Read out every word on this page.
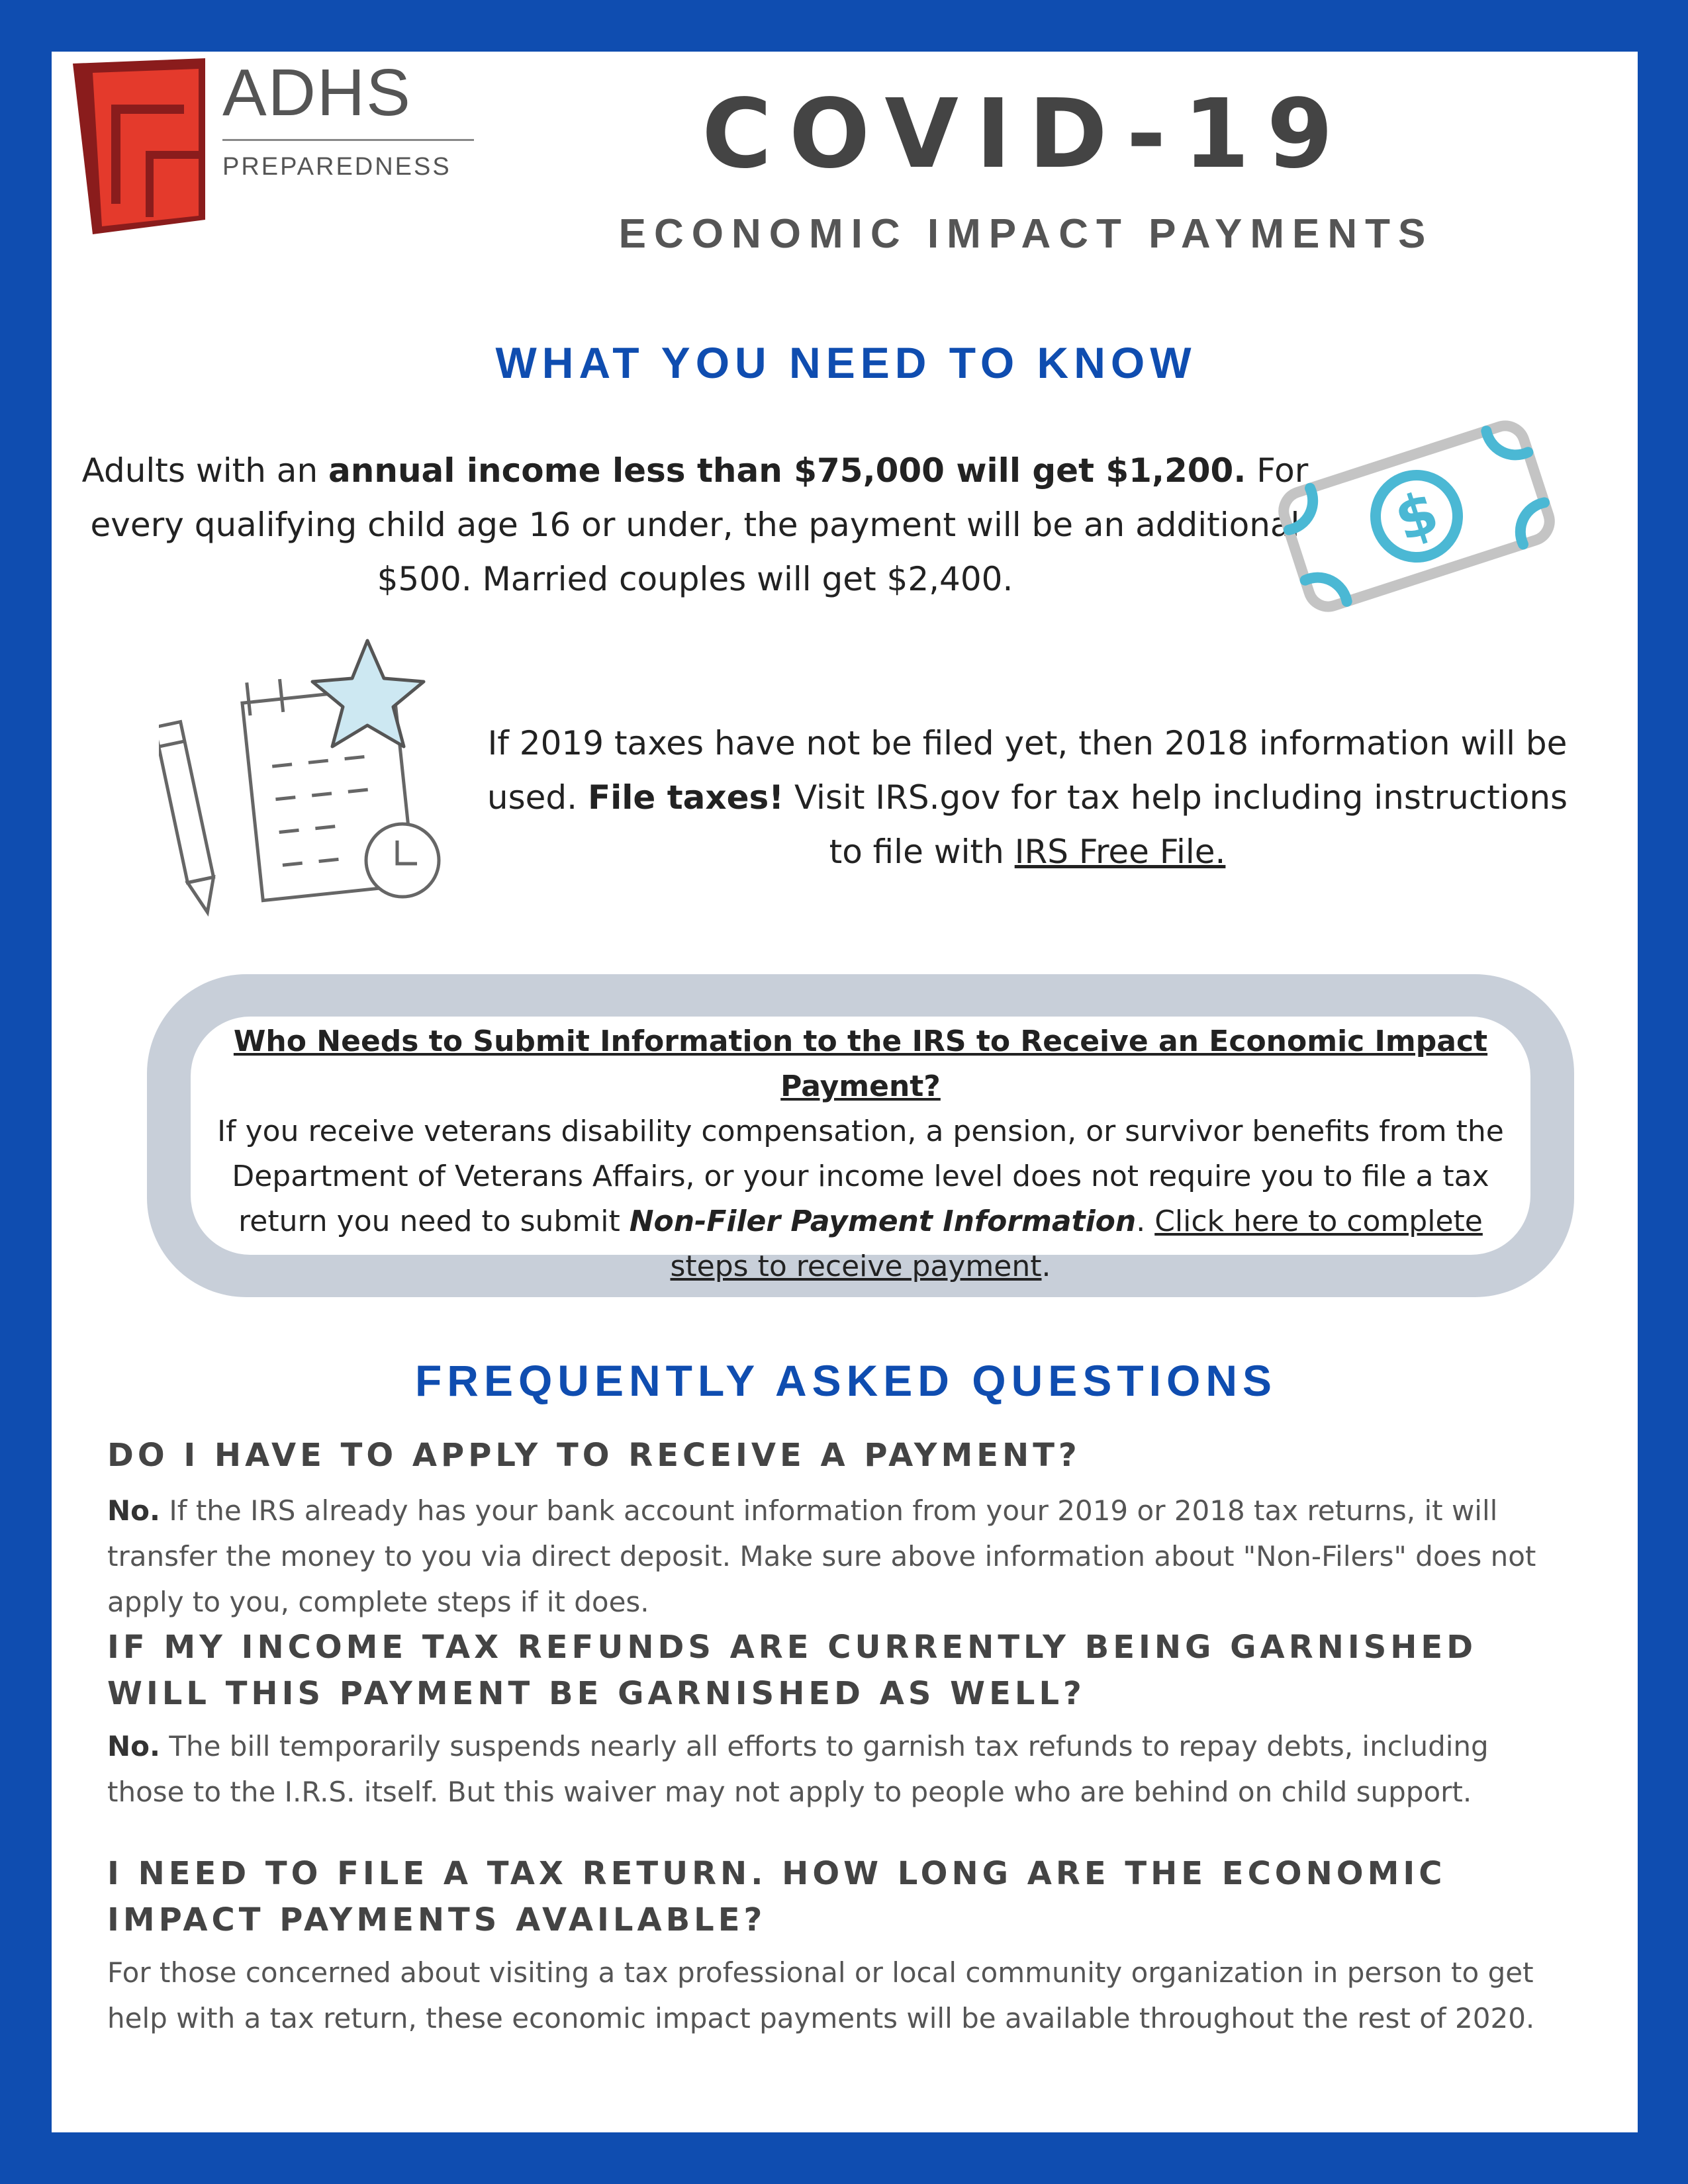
ADHS
PREPAREDNESS	COVID-19
ECONOMIC IMPACT PAYMENTS
WHAT YOU NEED TO KNOW
Adults with an annual income less than $75,000 will get $1,200. For every qualifying child age 16 or under, the payment will be an additional $500. Married couples will get $2,400.
$
If 2019 taxes have not be filed yet, then 2018 information will be used. File taxes! Visit IRS.gov for tax help including instructions to file with IRS Free File.
Who Needs to Submit Information to the IRS to Receive an Economic Impact Payment?
If you receive veterans disability compensation, a pension, or survivor benefits from the Department of Veterans Affairs, or your income level does not require you to file a tax return you need to submit Non-Filer Payment Information. Click here to complete steps to receive payment.
FREQUENTLY ASKED QUESTIONS
DO I HAVE TO APPLY TO RECEIVE A PAYMENT?
No. If the IRS already has your bank account information from your 2019 or 2018 tax returns, it will transfer the money to you via direct deposit. Make sure above information about "Non-Filers" does not apply to you, complete steps if it does.
IF MY INCOME TAX REFUNDS ARE CURRENTLY BEING GARNISHED WILL THIS PAYMENT BE GARNISHED AS WELL?
No. The bill temporarily suspends nearly all efforts to garnish tax refunds to repay debts, including those to the I.R.S. itself. But this waiver may not apply to people who are behind on child support.
I NEED TO FILE A TAX RETURN. HOW LONG ARE THE ECONOMIC IMPACT PAYMENTS AVAILABLE?
For those concerned about visiting a tax professional or local community organization in person to get help with a tax return, these economic impact payments will be available throughout the rest of 2020.
